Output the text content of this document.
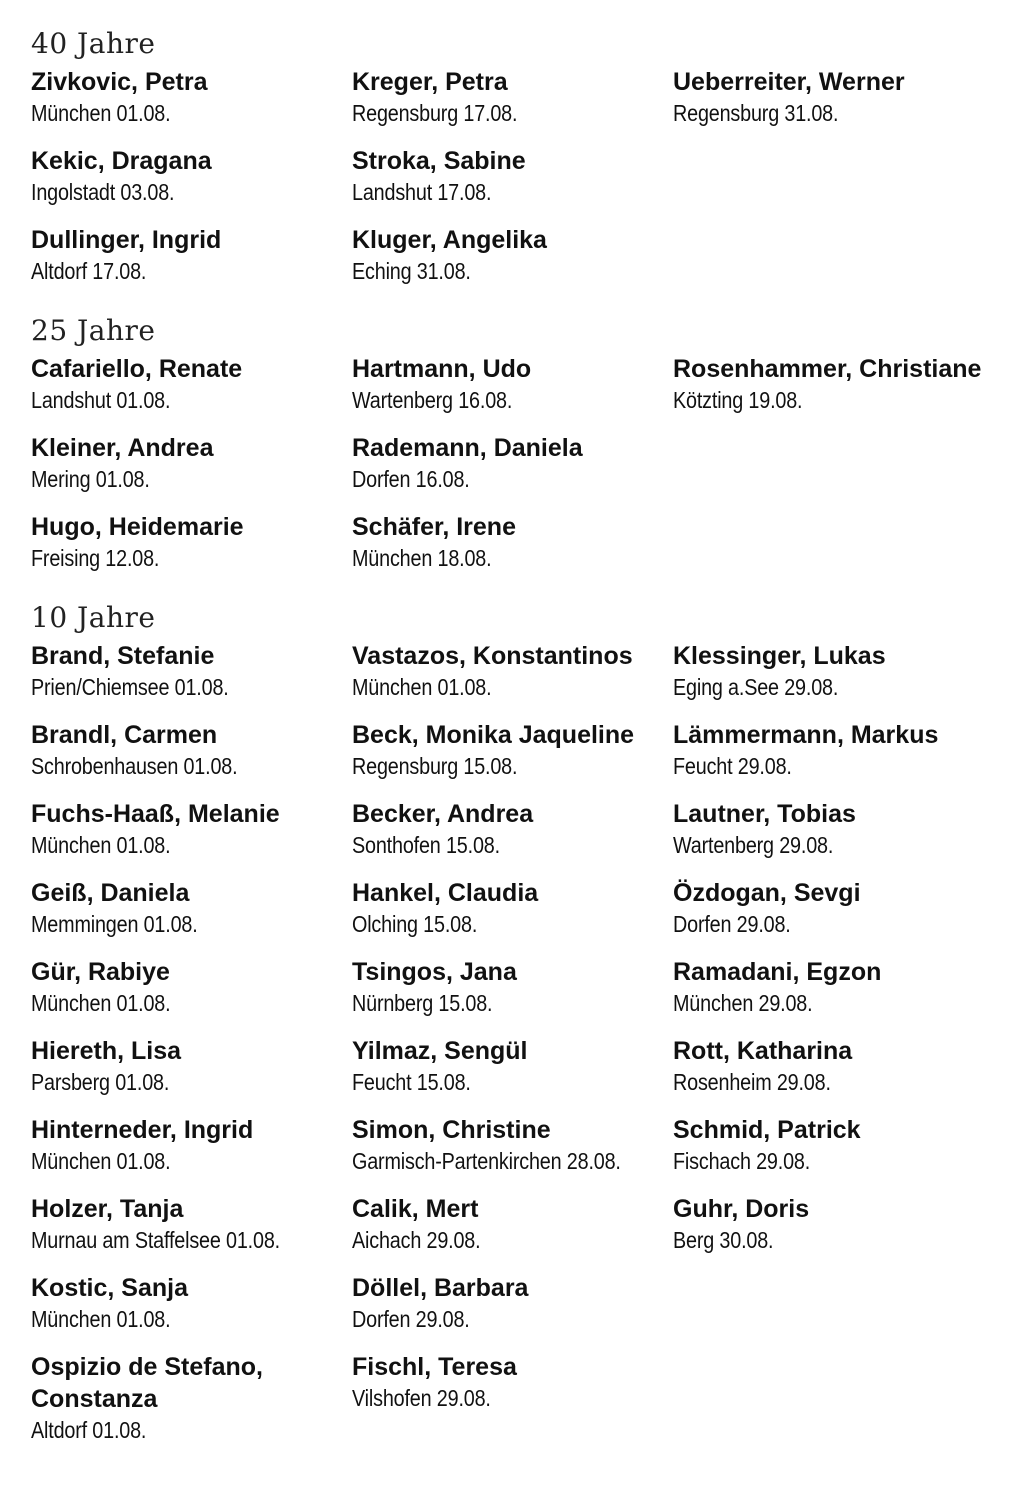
40 Jahre
Zivkovic, Petra
München 01.08.
Kekic, Dragana
Ingolstadt 03.08.
Dullinger, Ingrid
Altdorf 17.08.
Kreger, Petra
Regensburg 17.08.
Stroka, Sabine
Landshut 17.08.
Kluger, Angelika
Eching 31.08.
Ueberreiter, Werner
Regensburg 31.08.
25 Jahre
Cafariello, Renate
Landshut 01.08.
Kleiner, Andrea
Mering 01.08.
Hugo, Heidemarie
Freising 12.08.
Hartmann, Udo
Wartenberg 16.08.
Rademann, Daniela
Dorfen 16.08.
Schäfer, Irene
München 18.08.
Rosenhammer, Christiane
Kötzting 19.08.
10 Jahre
Brand, Stefanie
Prien/Chiemsee 01.08.
Brandl, Carmen
Schrobenhausen 01.08.
Fuchs-Haaß, Melanie
München 01.08.
Geiß, Daniela
Memmingen 01.08.
Gür, Rabiye
München 01.08.
Hiereth, Lisa
Parsberg 01.08.
Hinterneder, Ingrid
München 01.08.
Holzer, Tanja
Murnau am Staffelsee 01.08.
Kostic, Sanja
München 01.08.
Ospizio de Stefano, Constanza
Altdorf 01.08.
Vastazos, Konstantinos
München 01.08.
Beck, Monika Jaqueline
Regensburg 15.08.
Becker, Andrea
Sonthofen 15.08.
Hankel, Claudia
Olching 15.08.
Tsingos, Jana
Nürnberg 15.08.
Yilmaz, Sengül
Feucht 15.08.
Simon, Christine
Garmisch-Partenkirchen 28.08.
Calik, Mert
Aichach 29.08.
Döllel, Barbara
Dorfen 29.08.
Fischl, Teresa
Vilshofen 29.08.
Klessinger, Lukas
Eging a.See 29.08.
Lämmermann, Markus
Feucht 29.08.
Lautner, Tobias
Wartenberg 29.08.
Özdogan, Sevgi
Dorfen 29.08.
Ramadani, Egzon
München 29.08.
Rott, Katharina
Rosenheim 29.08.
Schmid, Patrick
Fischach 29.08.
Guhr, Doris
Berg 30.08.
